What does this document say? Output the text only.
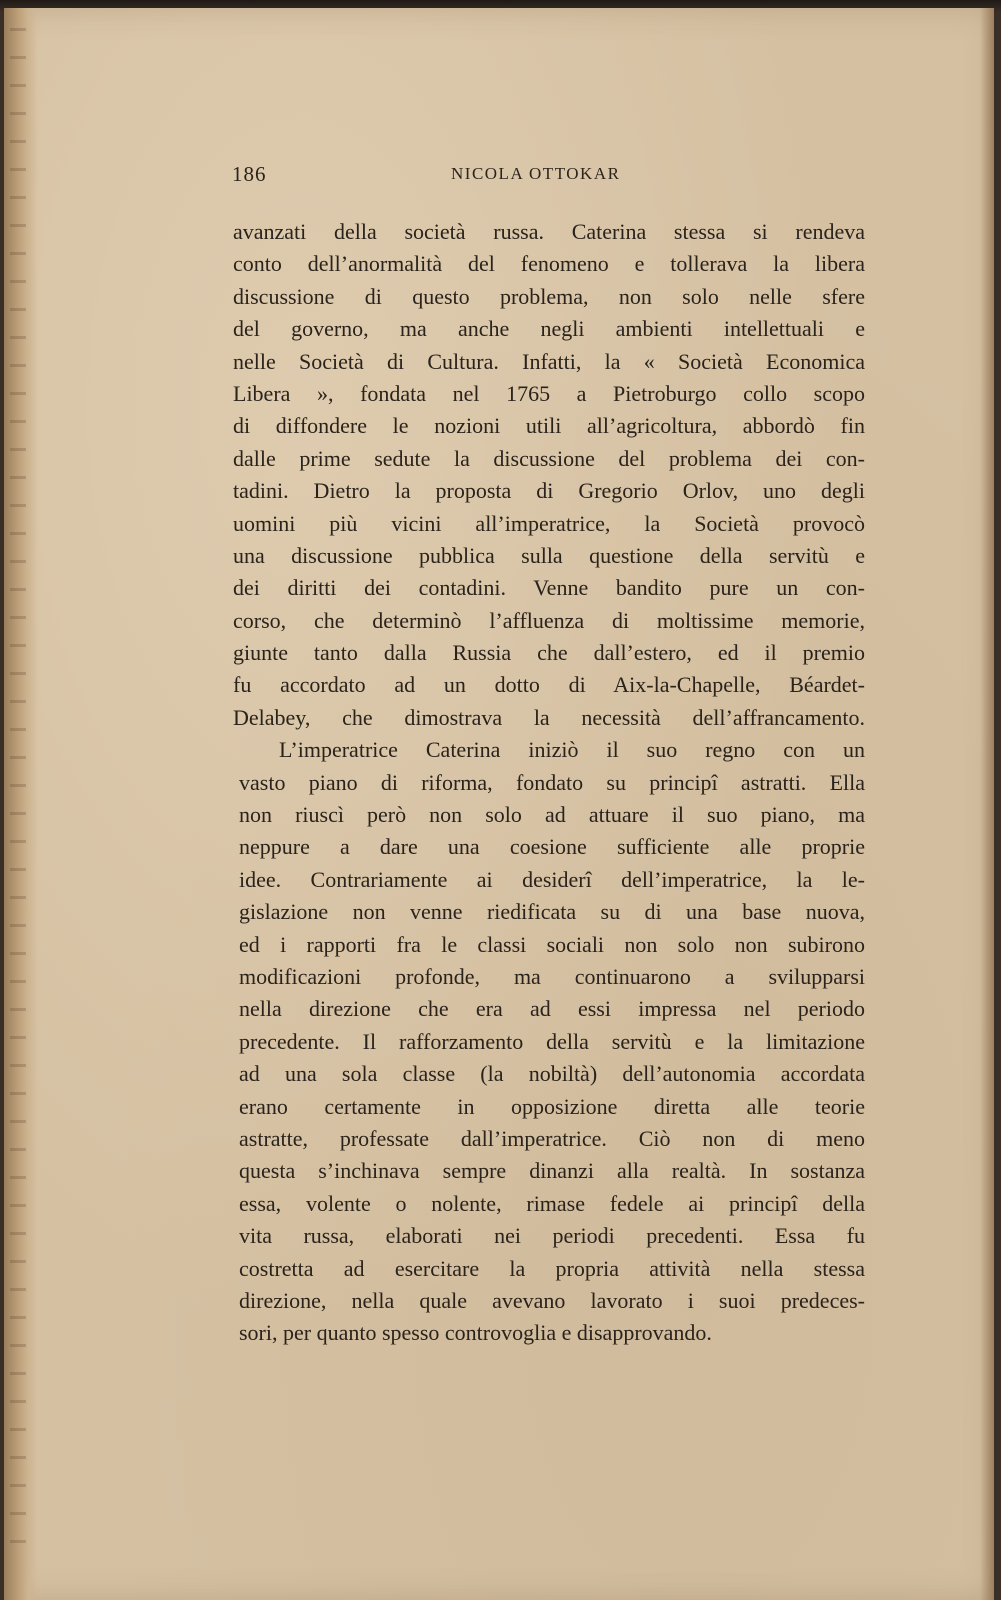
186	NICOLA OTTOKAR
avanzati della società russa. Caterina stessa si rendeva
conto dell’anormalità del fenomeno e tollerava la libera
discussione di questo problema, non solo nelle sfere
del governo, ma anche negli ambienti intellettuali e
nelle Società di Cultura. Infatti, la « Società Economica
Libera », fondata nel 1765 a Pietroburgo collo scopo
di diffondere le nozioni utili all’agricoltura, abbordò fin
dalle prime sedute la discussione del problema dei con-
tadini. Dietro la proposta di Gregorio Orlov, uno degli
uomini più vicini all’imperatrice, la Società provocò
una discussione pubblica sulla questione della servitù e
dei diritti dei contadini. Venne bandito pure un con-
corso, che determinò l’affluenza di moltissime memorie,
giunte tanto dalla Russia che dall’estero, ed il premio
fu accordato ad un dotto di Aix-la-Chapelle, Béardet-
Delabey, che dimostrava la necessità dell’affrancamento.
L’imperatrice Caterina iniziò il suo regno con un
vasto piano di riforma, fondato su principî astratti. Ella
non riuscì però non solo ad attuare il suo piano, ma
neppure a dare una coesione sufficiente alle proprie
idee. Contrariamente ai desiderî dell’imperatrice, la le-
gislazione non venne riedificata su di una base nuova,
ed i rapporti fra le classi sociali non solo non subirono
modificazioni profonde, ma continuarono a svilupparsi
nella direzione che era ad essi impressa nel periodo
precedente. Il rafforzamento della servitù e la limitazione
ad una sola classe (la nobiltà) dell’autonomia accordata
erano certamente in opposizione diretta alle teorie
astratte, professate dall’imperatrice. Ciò non di meno
questa s’inchinava sempre dinanzi alla realtà. In sostanza
essa, volente o nolente, rimase fedele ai principî della
vita russa, elaborati nei periodi precedenti. Essa fu
costretta ad esercitare la propria attività nella stessa
direzione, nella quale avevano lavorato i suoi predeces-
sori, per quanto spesso controvoglia e disapprovando.
